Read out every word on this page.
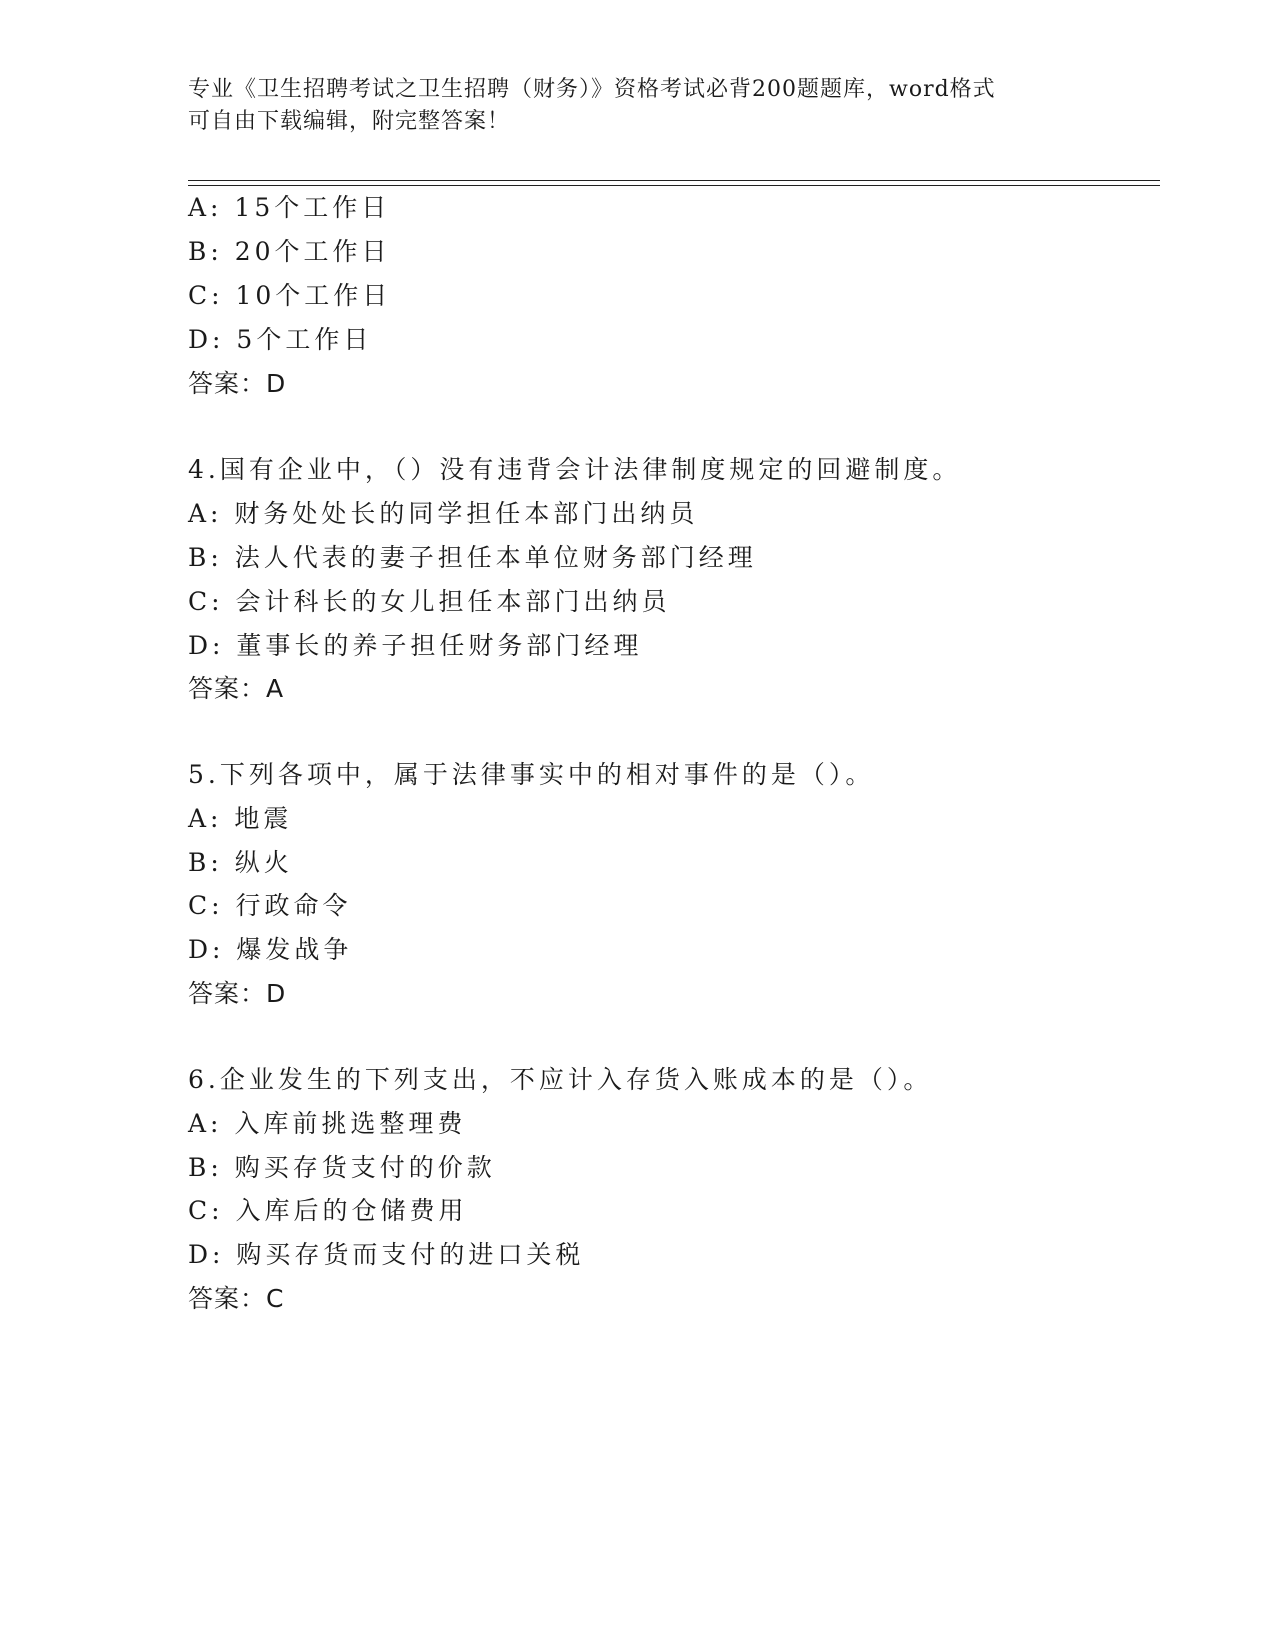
专业《卫生招聘考试之卫生招聘（财务）》资格考试必背200题题库，word格式
可自由下载编辑，附完整答案！
A: 15个工作日
B: 20个工作日
C: 10个工作日
D: 5个工作日
答案：D
4.国有企业中，（）没有违背会计法律制度规定的回避制度。
A: 财务处处长的同学担任本部门出纳员
B: 法人代表的妻子担任本单位财务部门经理
C: 会计科长的女儿担任本部门出纳员
D: 董事长的养子担任财务部门经理
答案：A
5.下列各项中，属于法律事实中的相对事件的是（）。
A: 地震
B: 纵火
C: 行政命令
D: 爆发战争
答案：D
6.企业发生的下列支出，不应计入存货入账成本的是（）。
A: 入库前挑选整理费
B: 购买存货支付的价款
C: 入库后的仓储费用
D: 购买存货而支付的进口关税
答案：C
